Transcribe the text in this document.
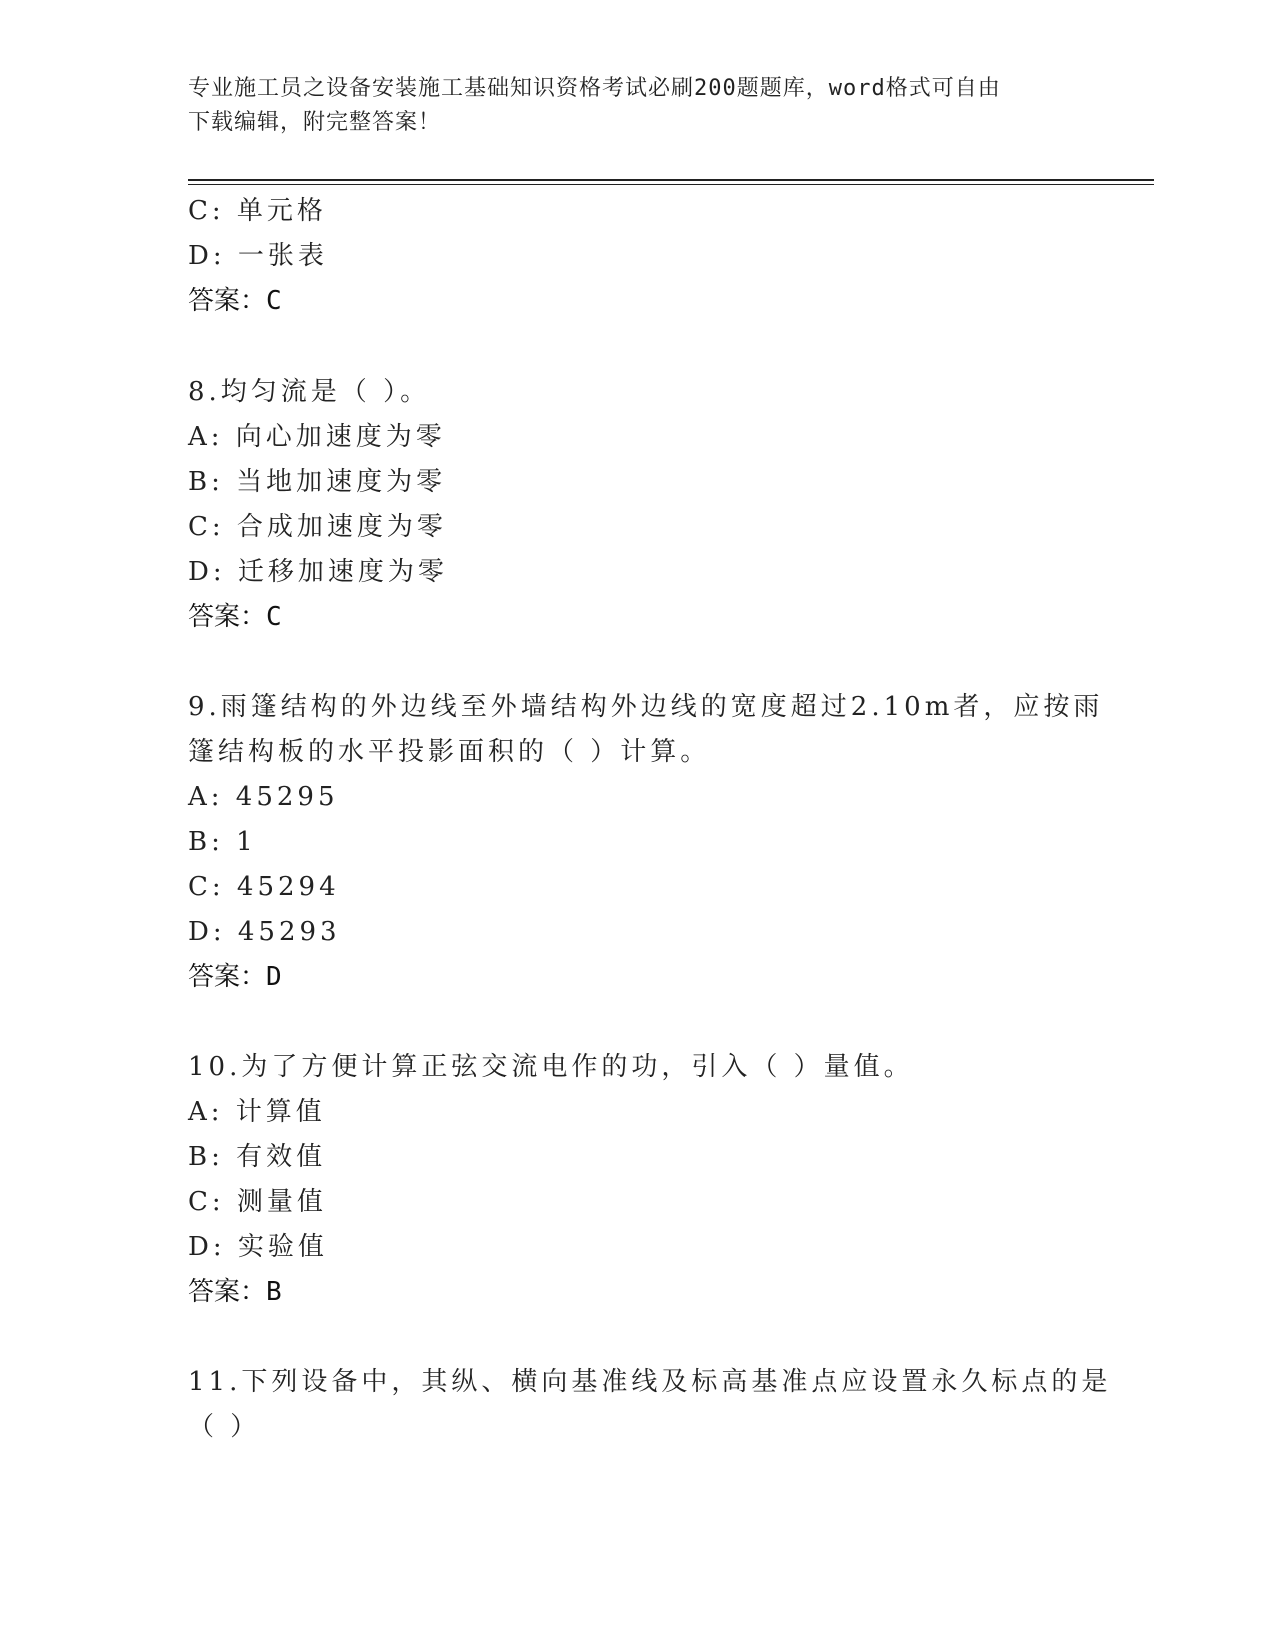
专业施工员之设备安装施工基础知识资格考试必刷200题题库，word格式可自由
下载编辑，附完整答案！
C: 单元格
D: 一张表
答案：C
8.均匀流是（ ）。
A: 向心加速度为零
B: 当地加速度为零
C: 合成加速度为零
D: 迁移加速度为零
答案：C
9.雨篷结构的外边线至外墙结构外边线的宽度超过2.10m者，应按雨
篷结构板的水平投影面积的（ ）计算。
A: 45295
B: 1
C: 45294
D: 45293
答案：D
10.为了方便计算正弦交流电作的功，引入（ ）量值。
A: 计算值
B: 有效值
C: 测量值
D: 实验值
答案：B
11.下列设备中，其纵、横向基准线及标高基准点应设置永久标点的是
（ ）
